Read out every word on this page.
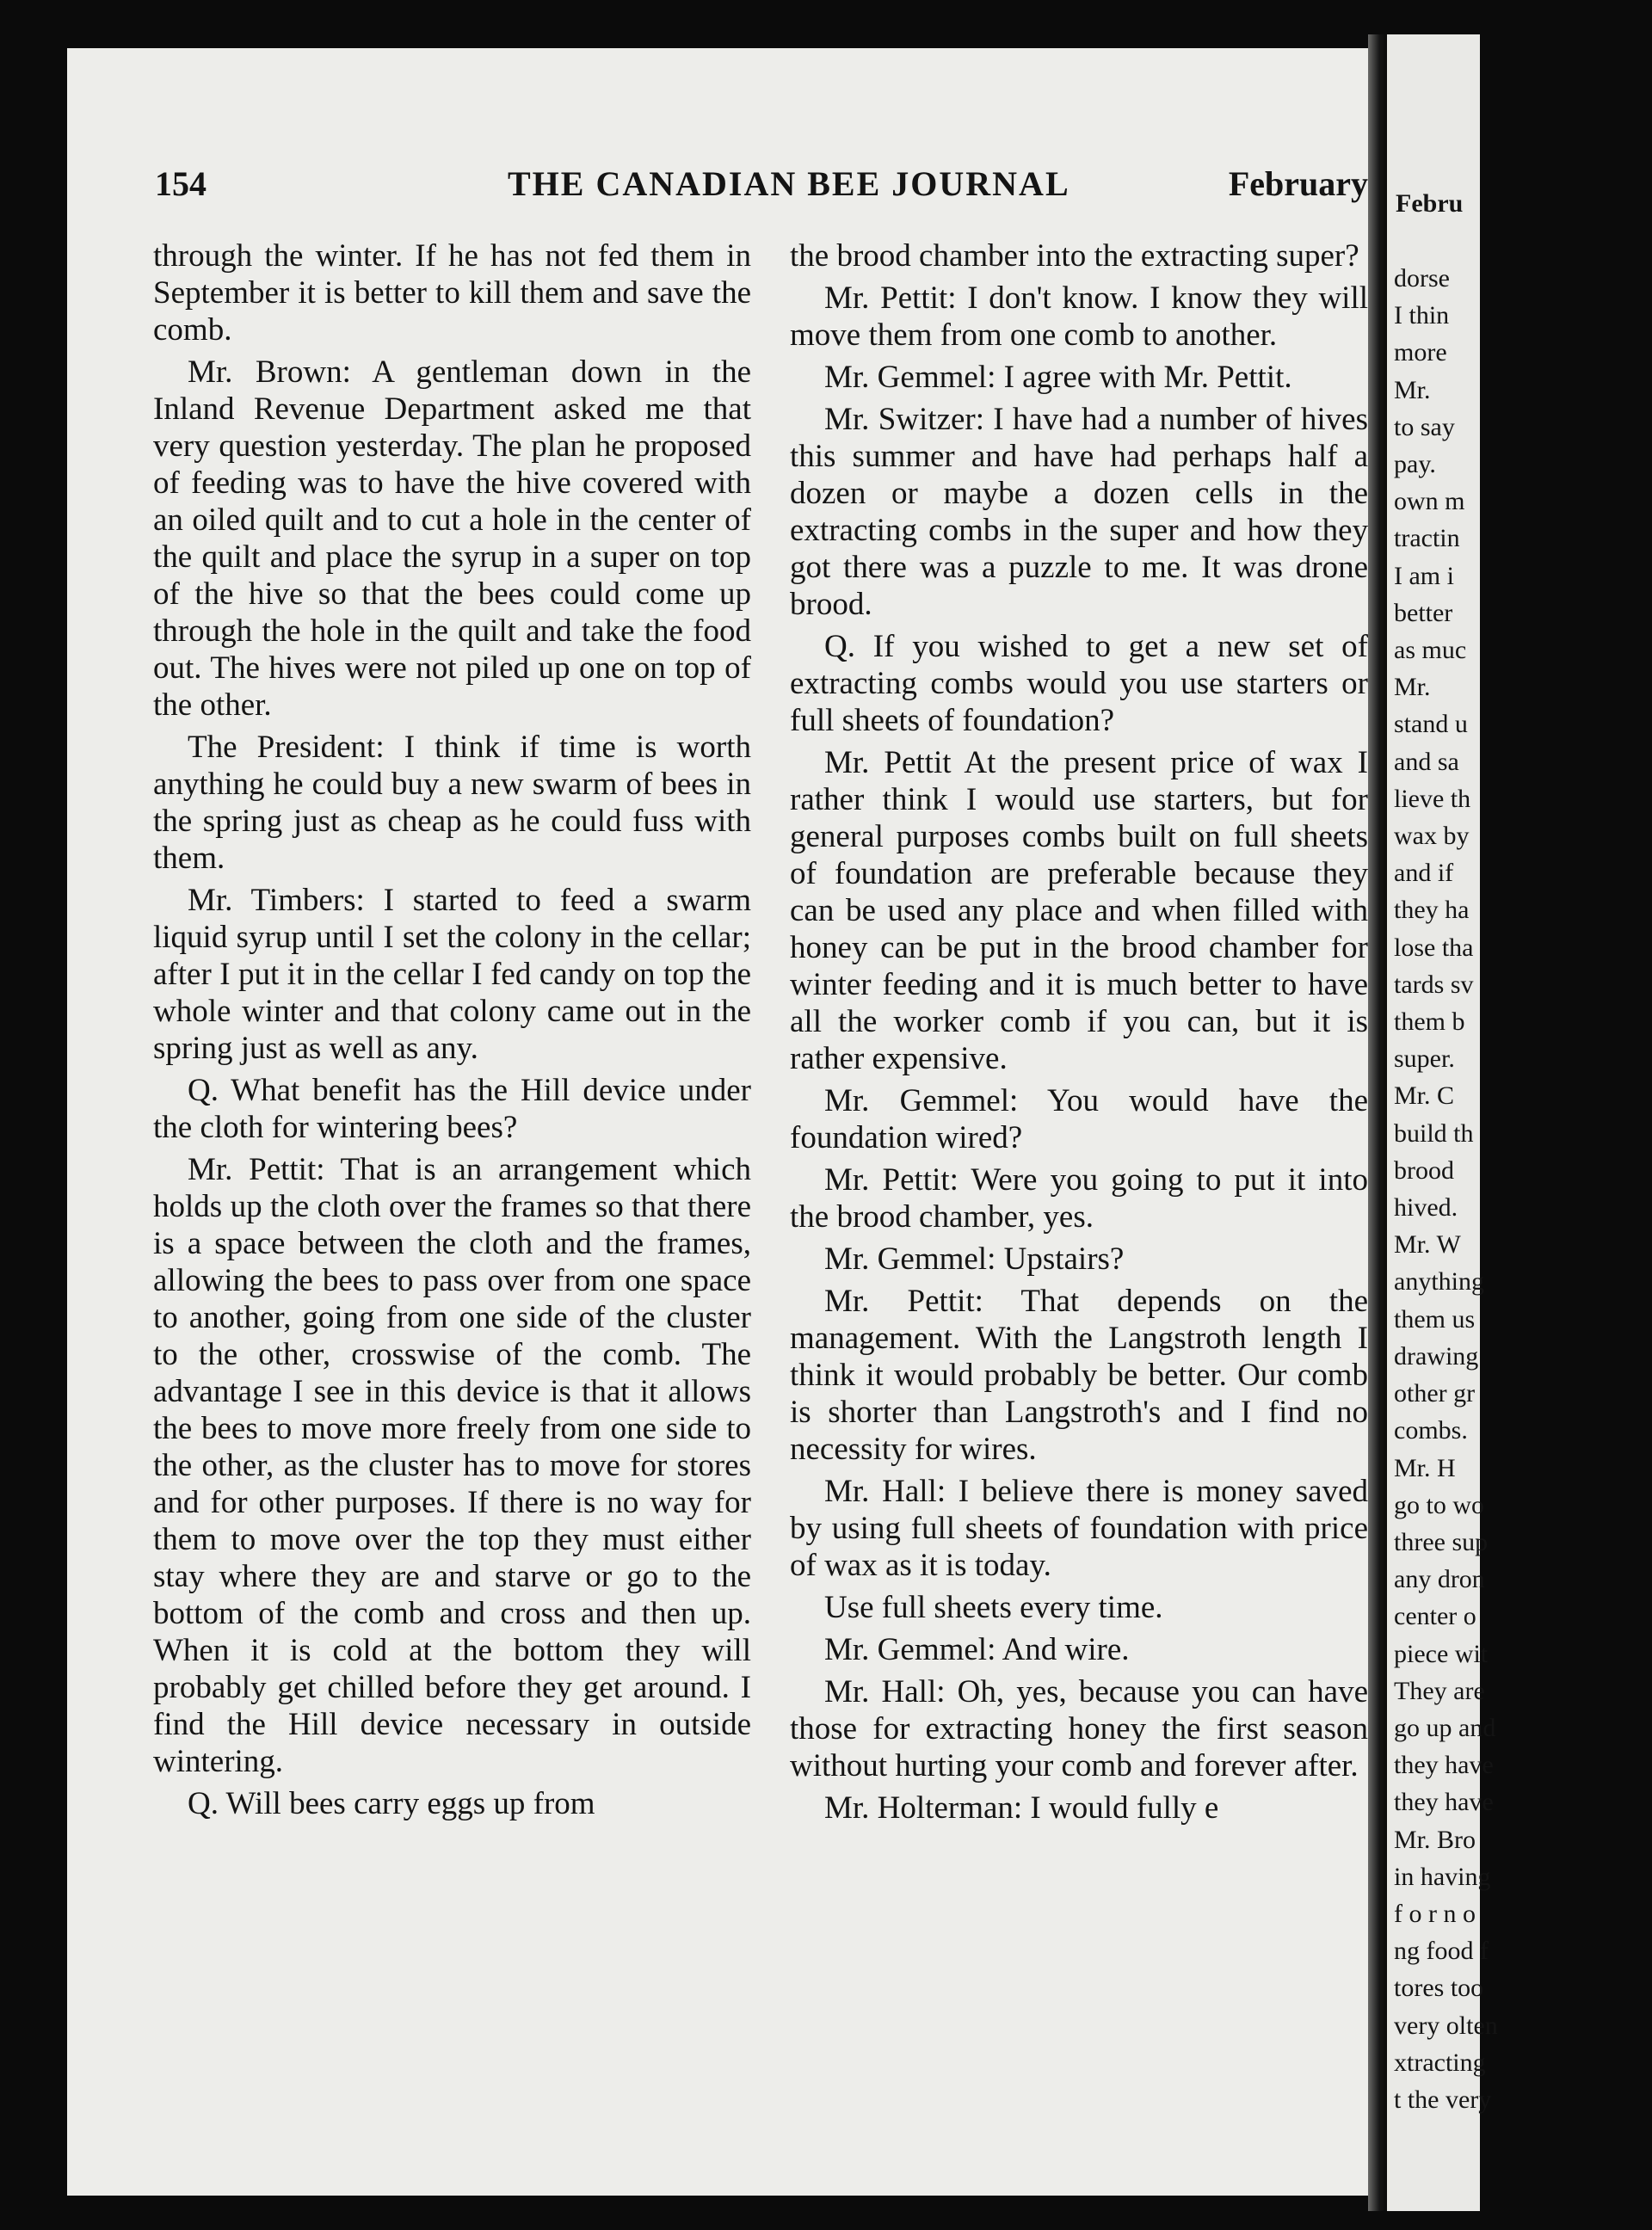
Febru
dorse
I thin
more
Mr.
to say
pay.
own m
tractin
I am i
better
as muc
Mr.
stand u
and sa
lieve th
wax by
and if
they ha
lose tha
tards sv
them b
super.
Mr. C
build th
brood
hived.
Mr. W
anything
them us
drawing
other gr
combs.
Mr. H
go to wo
three sup
any dron
center o
piece wit
They are
go up and
they have
they have
Mr. Bro
in having
f o r n o
ng food f
tores too
very olten
xtracting
t the very
154	THE CANADIAN BEE JOURNAL	February

through the winter. If he has not fed them in September it is better to kill them and save the comb.

Mr. Brown: A gentleman down in the Inland Revenue Department asked me that very question yesterday. The plan he proposed of feeding was to have the hive covered with an oiled quilt and to cut a hole in the center of the quilt and place the syrup in a super on top of the hive so that the bees could come up through the hole in the quilt and take the food out. The hives were not piled up one on top of the other.

The President: I think if time is worth anything he could buy a new swarm of bees in the spring just as cheap as he could fuss with them.

Mr. Timbers: I started to feed a swarm liquid syrup until I set the colony in the cellar; after I put it in the cellar I fed candy on top the whole winter and that colony came out in the spring just as well as any.

Q. What benefit has the Hill device under the cloth for wintering bees?

Mr. Pettit: That is an arrangement which holds up the cloth over the frames so that there is a space between the cloth and the frames, allowing the bees to pass over from one space to another, going from one side of the cluster to the other, crosswise of the comb. The advantage I see in this device is that it allows the bees to move more freely from one side to the other, as the cluster has to move for stores and for other purposes. If there is no way for them to move over the top they must either stay where they are and starve or go to the bottom of the comb and cross and then up. When it is cold at the bottom they will probably get chilled before they get around. I find the Hill device necessary in outside wintering.

Q. Will bees carry eggs up from

the brood chamber into the extracting super?

Mr. Pettit: I don't know. I know they will move them from one comb to another.

Mr. Gemmel: I agree with Mr. Pettit.

Mr. Switzer: I have had a number of hives this summer and have had perhaps half a dozen or maybe a dozen cells in the extracting combs in the super and how they got there was a puzzle to me. It was drone brood.

Q. If you wished to get a new set of extracting combs would you use starters or full sheets of foundation?

Mr. Pettit At the present price of wax I rather think I would use starters, but for general purposes combs built on full sheets of foundation are preferable because they can be used any place and when filled with honey can be put in the brood chamber for winter feeding and it is much better to have all the worker comb if you can, but it is rather expensive.

Mr. Gemmel: You would have the foundation wired?

Mr. Pettit: Were you going to put it into the brood chamber, yes.

Mr. Gemmel: Upstairs?

Mr. Pettit: That depends on the management. With the Langstroth length I think it would probably be better. Our comb is shorter than Langstroth's and I find no necessity for wires.

Mr. Hall: I believe there is money saved by using full sheets of foundation with price of wax as it is today.

Use full sheets every time.

Mr. Gemmel: And wire.

Mr. Hall: Oh, yes, because you can have those for extracting honey the first season without hurting your comb and forever after.

Mr. Holterman: I would fully e
